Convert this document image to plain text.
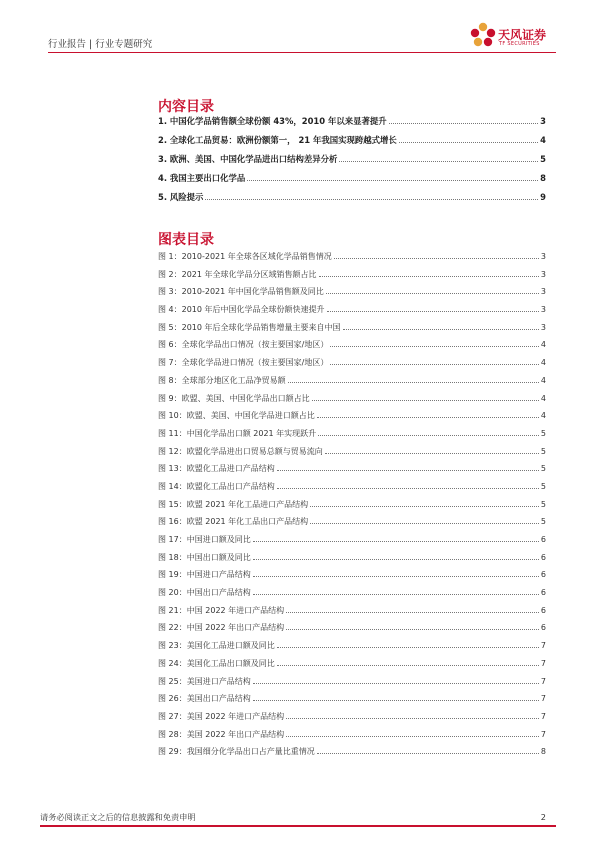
行业报告 | 行业专题研究
天风证券
TF SECURITIES
内容目录
1. 中国化学品销售额全球份额 43%，2010 年以来显著提升	3
2. 全球化工品贸易：欧洲份额第一， 21 年我国实现跨越式增长	4
3. 欧洲、美国、中国化学品进出口结构差异分析	5
4. 我国主要出口化学品	8
5. 风险提示	9
图表目录
图 1：2010-2021 年全球各区域化学品销售情况	3
图 2：2021 年全球化学品分区域销售额占比	3
图 3：2010-2021 年中国化学品销售额及同比	3
图 4：2010 年后中国化学品全球份额快速提升	3
图 5：2010 年后全球化学品销售增量主要来自中国	3
图 6：全球化学品出口情况（按主要国家/地区）	4
图 7：全球化学品进口情况（按主要国家/地区）	4
图 8：全球部分地区化工品净贸易额	4
图 9：欧盟、美国、中国化学品出口额占比	4
图 10：欧盟、美国、中国化学品进口额占比	4
图 11：中国化学品出口额 2021 年实现跃升	5
图 12：欧盟化学品进出口贸易总额与贸易流向	5
图 13：欧盟化工品进口产品结构	5
图 14：欧盟化工品出口产品结构	5
图 15：欧盟 2021 年化工品进口产品结构	5
图 16：欧盟 2021 年化工品出口产品结构	5
图 17：中国进口额及同比	6
图 18：中国出口额及同比	6
图 19：中国进口产品结构	6
图 20：中国出口产品结构	6
图 21：中国 2022 年进口产品结构	6
图 22：中国 2022 年出口产品结构	6
图 23：美国化工品进口额及同比	7
图 24：美国化工品出口额及同比	7
图 25：美国进口产品结构	7
图 26：美国出口产品结构	7
图 27：美国 2022 年进口产品结构	7
图 28：美国 2022 年出口产品结构	7
图 29：我国细分化学品出口占产量比重情况	8
请务必阅读正文之后的信息披露和免责申明	2
